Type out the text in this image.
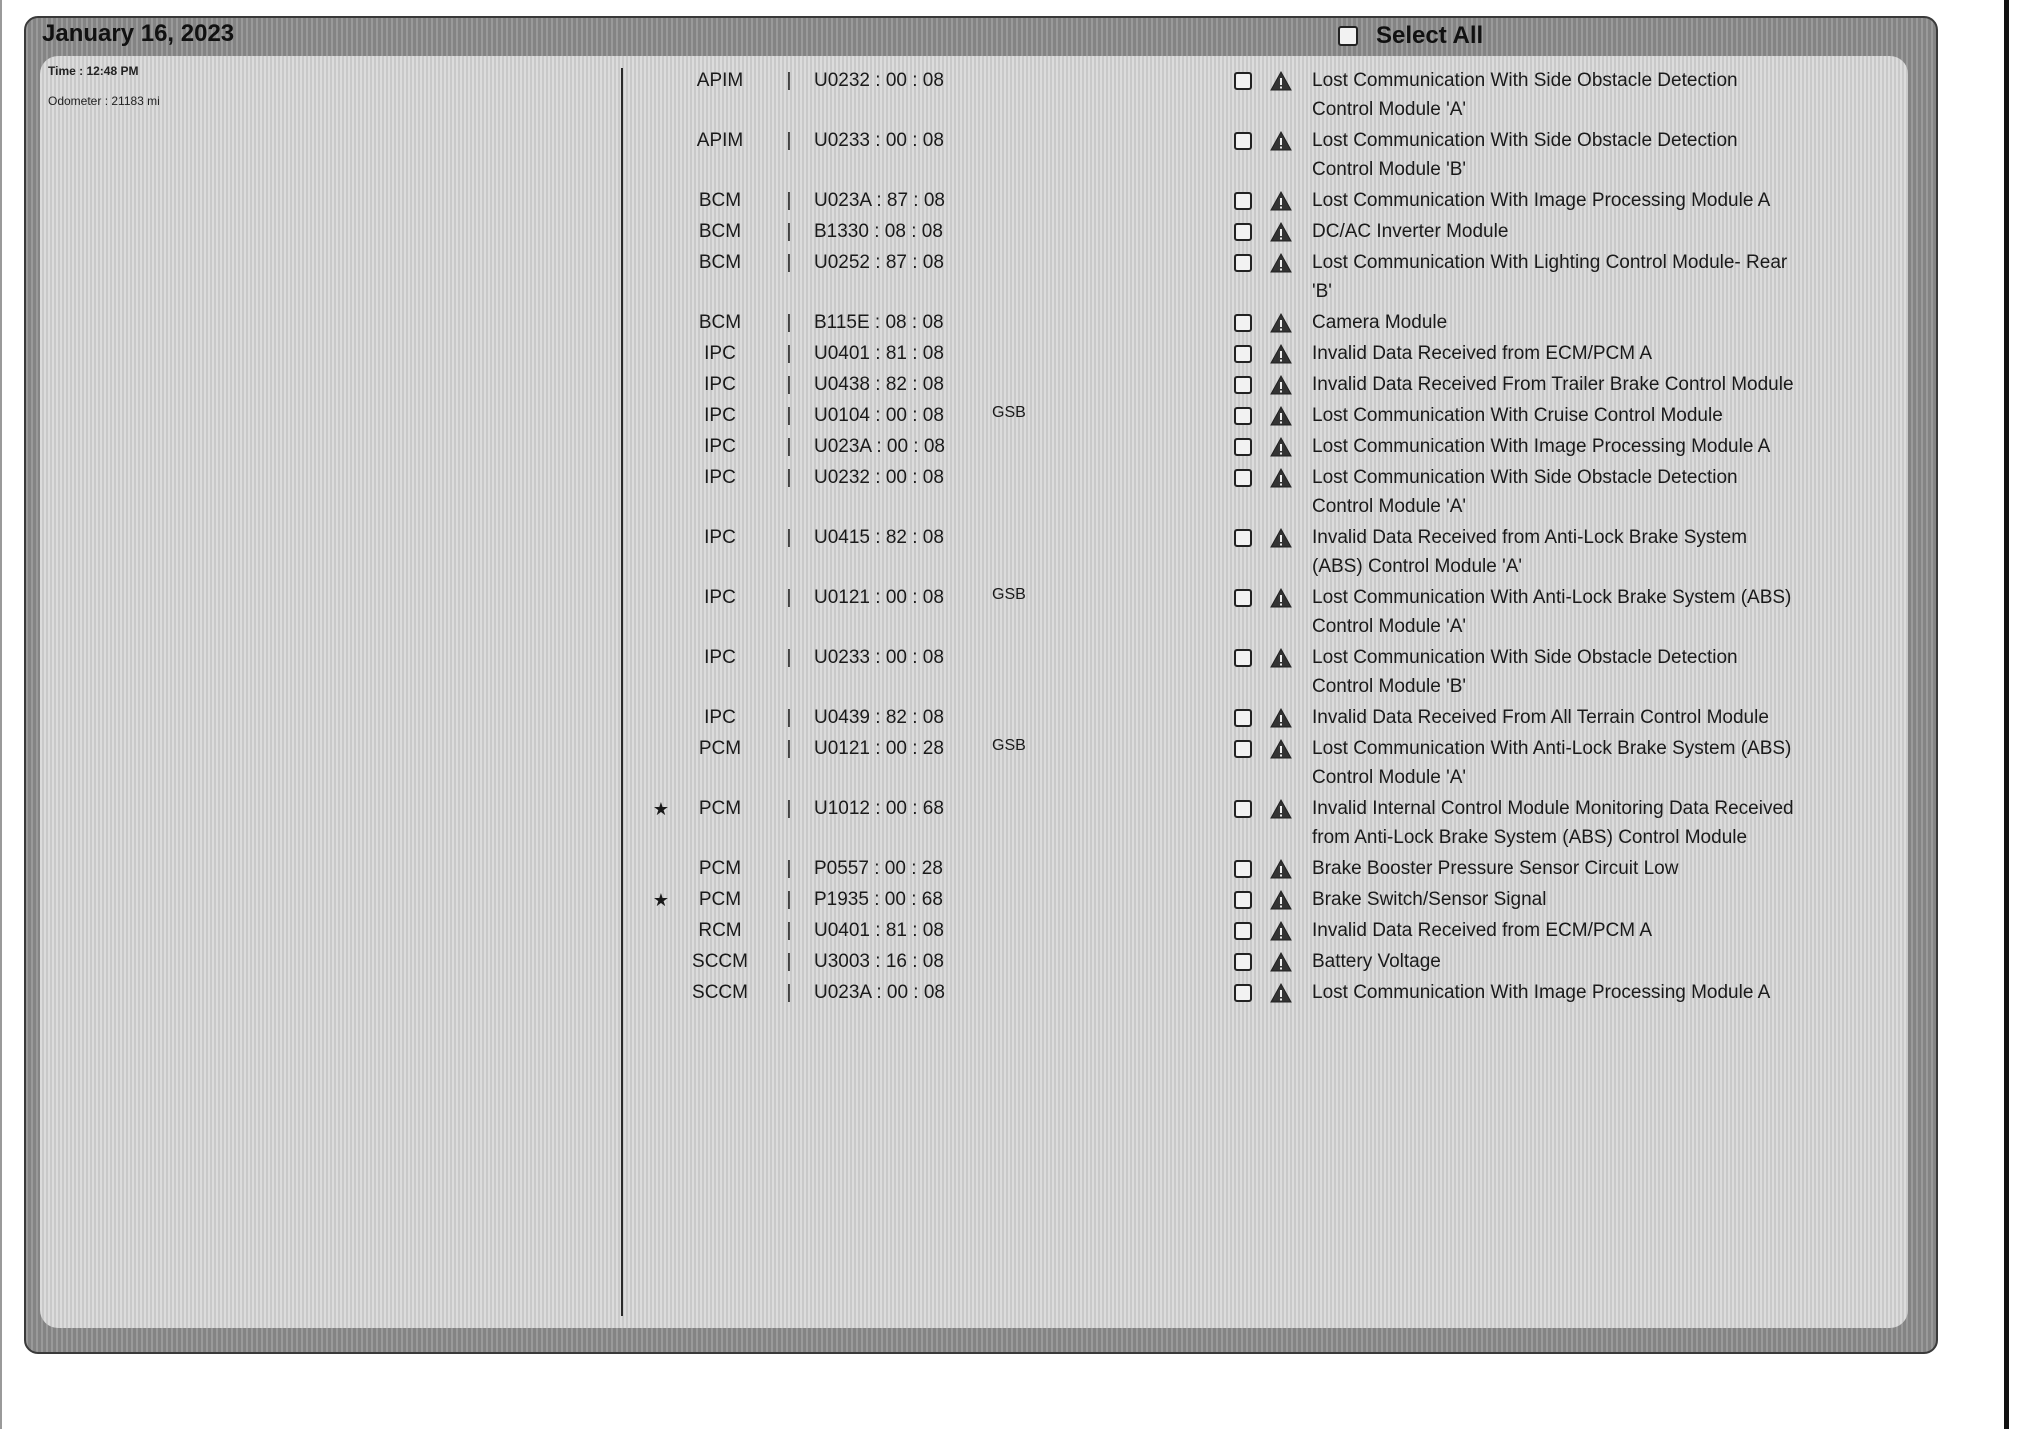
January 16, 2023	Select All
Time : 12:48 PM
Odometer : 21183 mi
APIM	|	U0232 : 00 : 08	Lost Communication With Side Obstacle Detection Control Module 'A'
APIM	|	U0233 : 00 : 08	Lost Communication With Side Obstacle Detection Control Module 'B'
BCM	|	U023A : 87 : 08	Lost Communication With Image Processing Module A
BCM	|	B1330 : 08 : 08	DC/AC Inverter Module
BCM	|	U0252 : 87 : 08	Lost Communication With Lighting Control Module- Rear 'B'
BCM	|	B115E : 08 : 08	Camera Module
IPC	|	U0401 : 81 : 08	Invalid Data Received from ECM/PCM A
IPC	|	U0438 : 82 : 08	Invalid Data Received From Trailer Brake Control Module
IPC	|	U0104 : 00 : 08	GSB	Lost Communication With Cruise Control Module
IPC	|	U023A : 00 : 08	Lost Communication With Image Processing Module A
IPC	|	U0232 : 00 : 08	Lost Communication With Side Obstacle Detection Control Module 'A'
IPC	|	U0415 : 82 : 08	Invalid Data Received from Anti-Lock Brake System (ABS) Control Module 'A'
IPC	|	U0121 : 00 : 08	GSB	Lost Communication With Anti-Lock Brake System (ABS) Control Module 'A'
IPC	|	U0233 : 00 : 08	Lost Communication With Side Obstacle Detection Control Module 'B'
IPC	|	U0439 : 82 : 08	Invalid Data Received From All Terrain Control Module
PCM	|	U0121 : 00 : 28	GSB	Lost Communication With Anti-Lock Brake System (ABS) Control Module 'A'
★	PCM	|	U1012 : 00 : 68	Invalid Internal Control Module Monitoring Data Received from Anti-Lock Brake System (ABS) Control Module
PCM	|	P0557 : 00 : 28	Brake Booster Pressure Sensor Circuit Low
★	PCM	|	P1935 : 00 : 68	Brake Switch/Sensor Signal
RCM	|	U0401 : 81 : 08	Invalid Data Received from ECM/PCM A
SCCM	|	U3003 : 16 : 08	Battery Voltage
SCCM	|	U023A : 00 : 08	Lost Communication With Image Processing Module A
